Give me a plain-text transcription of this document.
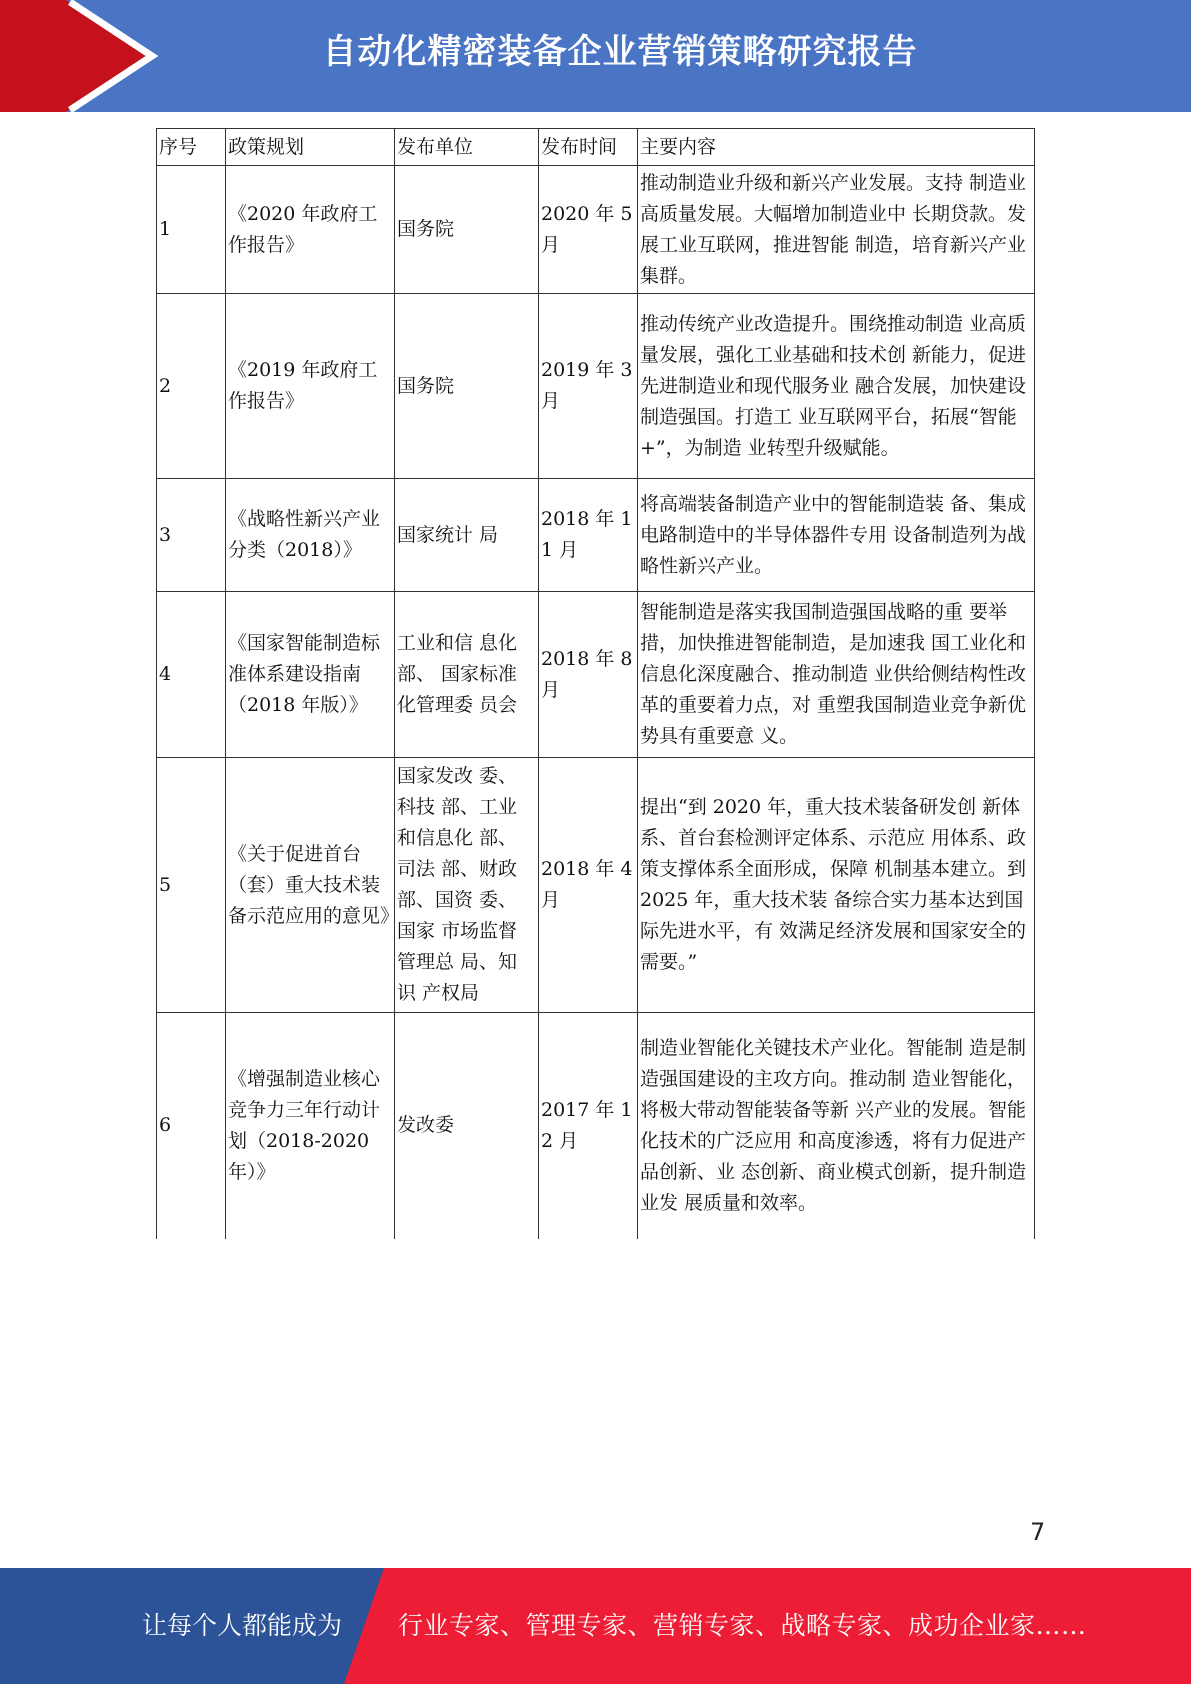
自动化精密装备企业营销策略研究报告
序号	政策规划	发布单位	发布时间	主要内容
1	《2020 年政府工作报告》	国务院	2020 年 5 月	推动制造业升级和新兴产业发展。支持 制造业高质量发展。大幅增加制造业中 长期贷款。发展工业互联网，推进智能 制造，培育新兴产业集群。
2	《2019 年政府工作报告》	国务院	2019 年 3 月	推动传统产业改造提升。围绕推动制造 业高质量发展，强化工业基础和技术创 新能力，促进先进制造业和现代服务业 融合发展，加快建设制造强国。打造工 业互联网平台，拓展“智能+”，为制造 业转型升级赋能。
3	《战略性新兴产业分类（2018）》	国家统计 局	2018 年 11 月	将高端装备制造产业中的智能制造装 备、集成电路制造中的半导体器件专用 设备制造列为战略性新兴产业。
4	《国家智能制造标准体系建设指南（2018 年版）》	工业和信 息化部、 国家标准化管理委 员会	2018 年 8 月	智能制造是落实我国制造强国战略的重 要举措，加快推进智能制造，是加速我 国工业化和信息化深度融合、推动制造 业供给侧结构性改革的重要着力点，对 重塑我国制造业竞争新优势具有重要意 义。
5	《关于促进首台（套）重大技术装备示范应用的意见》	国家发改 委、科技 部、工业和信息化 部、司法 部、财政部、国资 委、国家 市场监督管理总 局、知识 产权局	2018 年 4 月	提出“到 2020 年，重大技术装备研发创 新体系、首台套检测评定体系、示范应 用体系、政策支撑体系全面形成，保障 机制基本建立。到 2025 年，重大技术装 备综合实力基本达到国际先进水平，有 效满足经济发展和国家安全的需要。”
6	《增强制造业核心竞争力三年行动计划（2018-2020 年）》	发改委	2017 年 12 月	制造业智能化关键技术产业化。智能制 造是制造强国建设的主攻方向。推动制 造业智能化，将极大带动智能装备等新 兴产业的发展。智能化技术的广泛应用 和高度渗透，将有力促进产品创新、业 态创新、商业模式创新，提升制造业发 展质量和效率。
7
让每个人都能成为 行业专家、管理专家、营销专家、战略专家、成功企业家……
